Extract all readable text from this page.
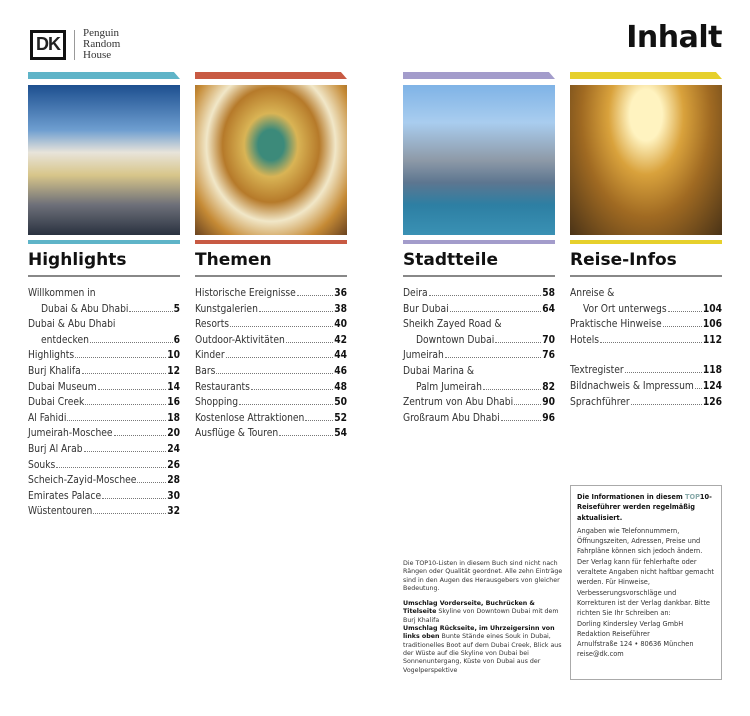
DK
Penguin
Random
House	Inhalt
Highlights
Willkommen in
Dubai & Abu Dhabi	5
Dubai & Abu Dhabi
entdecken	6
Highlights	10
Burj Khalifa	12
Dubai Museum	14
Dubai Creek	16
Al Fahidi	18
Jumeirah-Moschee	20
Burj Al Arab	24
Souks	26
Scheich-Zayid-Moschee	28
Emirates Palace	30
Wüstentouren	32
Themen
Historische Ereignisse	36
Kunstgalerien	38
Resorts	40
Outdoor-Aktivitäten	42
Kinder	44
Bars	46
Restaurants	48
Shopping	50
Kostenlose Attraktionen	52
Ausflüge & Touren	54
Stadtteile
Deira	58
Bur Dubai	64
Sheikh Zayed Road &
Downtown Dubai	70
Jumeirah	76
Dubai Marina &
Palm Jumeirah	82
Zentrum von Abu Dhabi	90
Großraum Abu Dhabi	96
Reise-Infos
Anreise &
Vor Ort unterwegs	104
Praktische Hinweise	106
Hotels	112
Textregister	118
Bildnachweis & Impressum 124
Sprachführer	126

Die TOP10-Listen in diesem Buch sind nicht nach Rängen oder Qualität geordnet. Alle zehn Einträge sind in den Augen des Herausgebers von gleicher Bedeutung.

Umschlag Vorderseite, Buchrücken & Titelseite Skyline von Downtown Dubai mit dem Burj Khalifa
Umschlag Rückseite, im Uhrzeigersinn von links oben Bunte Stände eines Souk in Dubai, traditionelles Boot auf dem Dubai Creek, Blick aus der Wüste auf die Skyline von Dubai bei Sonnenuntergang, Küste von Dubai aus der Vogelperspektive

Die Informationen in diesem TOP10-Reiseführer werden regelmäßig aktualisiert.
Angaben wie Telefonnummern, Öffnungszeiten, Adressen, Preise und Fahrpläne können sich jedoch ändern. Der Verlag kann für fehlerhafte oder veraltete Angaben nicht haftbar gemacht werden. Für Hinweise, Verbesserungsvorschläge und Korrekturen ist der Verlag dankbar. Bitte richten Sie Ihr Schreiben an:
Dorling Kindersley Verlag GmbH
Redaktion Reiseführer
Arnulfstraße 124 • 80636 München
reise@dk.com
